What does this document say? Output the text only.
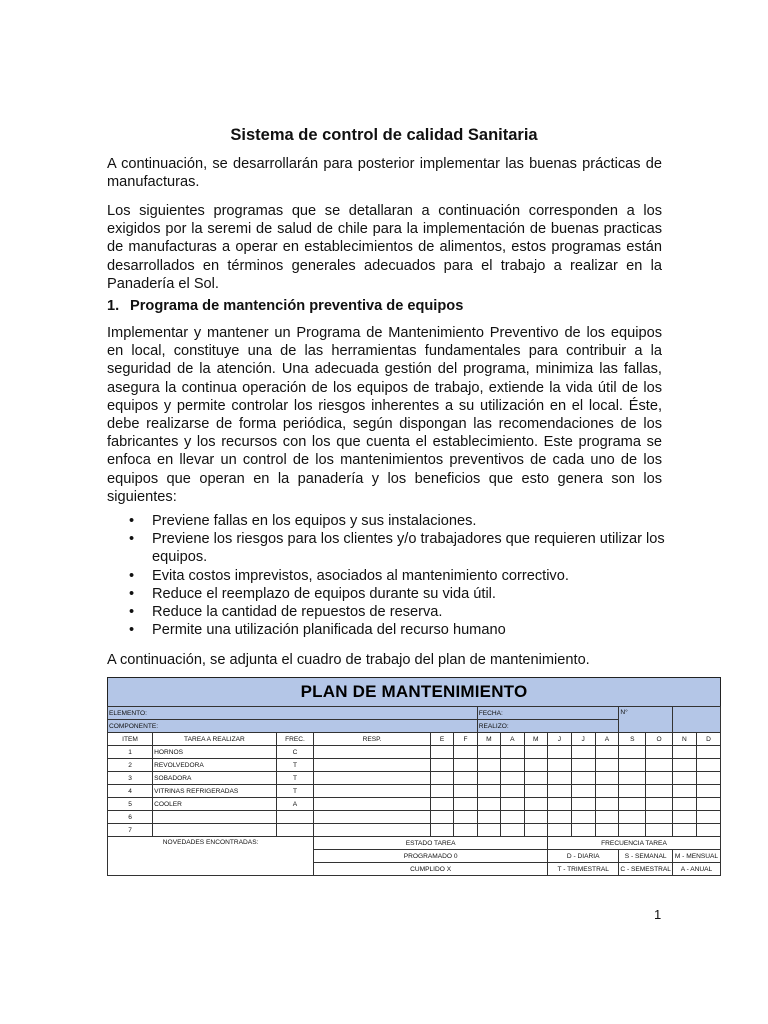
Sistema de control de calidad Sanitaria

A continuación, se desarrollarán para posterior implementar las buenas prácticas de manufacturas.

Los siguientes programas que se detallaran a continuación corresponden a los exigidos por la seremi de salud de chile para la implementación de buenas practicas de manufacturas a operar en establecimientos de alimentos, estos programas están desarrollados en términos generales adecuados para el trabajo a realizar en la Panadería el Sol.

1. Programa de mantención preventiva de equipos

Implementar y mantener un Programa de Mantenimiento Preventivo de los equipos en local, constituye una de las herramientas fundamentales para contribuir a la seguridad de la atención. Una adecuada gestión del programa, minimiza las fallas, asegura la continua operación de los equipos de trabajo, extiende la vida útil de los equipos y permite controlar los riesgos inherentes a su utilización en el local. Éste, debe realizarse de forma periódica, según dispongan las recomendaciones de los fabricantes y los recursos con los que cuenta el establecimiento. Este programa se enfoca en llevar un control de los mantenimientos preventivos de cada uno de los equipos que operan en la panadería y los beneficios que esto genera son los siguientes:

• Previene fallas en los equipos y sus instalaciones.
• Previene los riesgos para los clientes y/o trabajadores que requieren utilizar los equipos.
• Evita costos imprevistos, asociados al mantenimiento correctivo.
• Reduce el reemplazo de equipos durante su vida útil.
• Reduce la cantidad de repuestos de reserva.
• Permite una utilización planificada del recurso humano

A continuación, se adjunta el cuadro de trabajo del plan de mantenimiento.

PLAN DE MANTENIMIENTO
ELEMENTO:						FECHA:						N°			
COMPONENTE:						REALIZO:									
ITEM	TAREA A REALIZAR	FREC.	RESP.	E	F	M	A	M	J	J	A	S	O	N	D
1	HORNOS	C													
2	REVOLVEDORA	T													
3	SOBADORA	T													
4	VITRINAS REFRIGERADAS	T													
5	COOLER	A													
6															
7															
NOVEDADES ENCONTRADAS:			ESTADO TAREA						FRECUENCIA TAREA						
			PROGRAMADO 0						D - DIARIA			S - SEMANAL		M - MENSUAL	
			CUMPLIDO X						T - TRIMESTRAL			C - SEMESTRAL		A - ANUAL	
1
